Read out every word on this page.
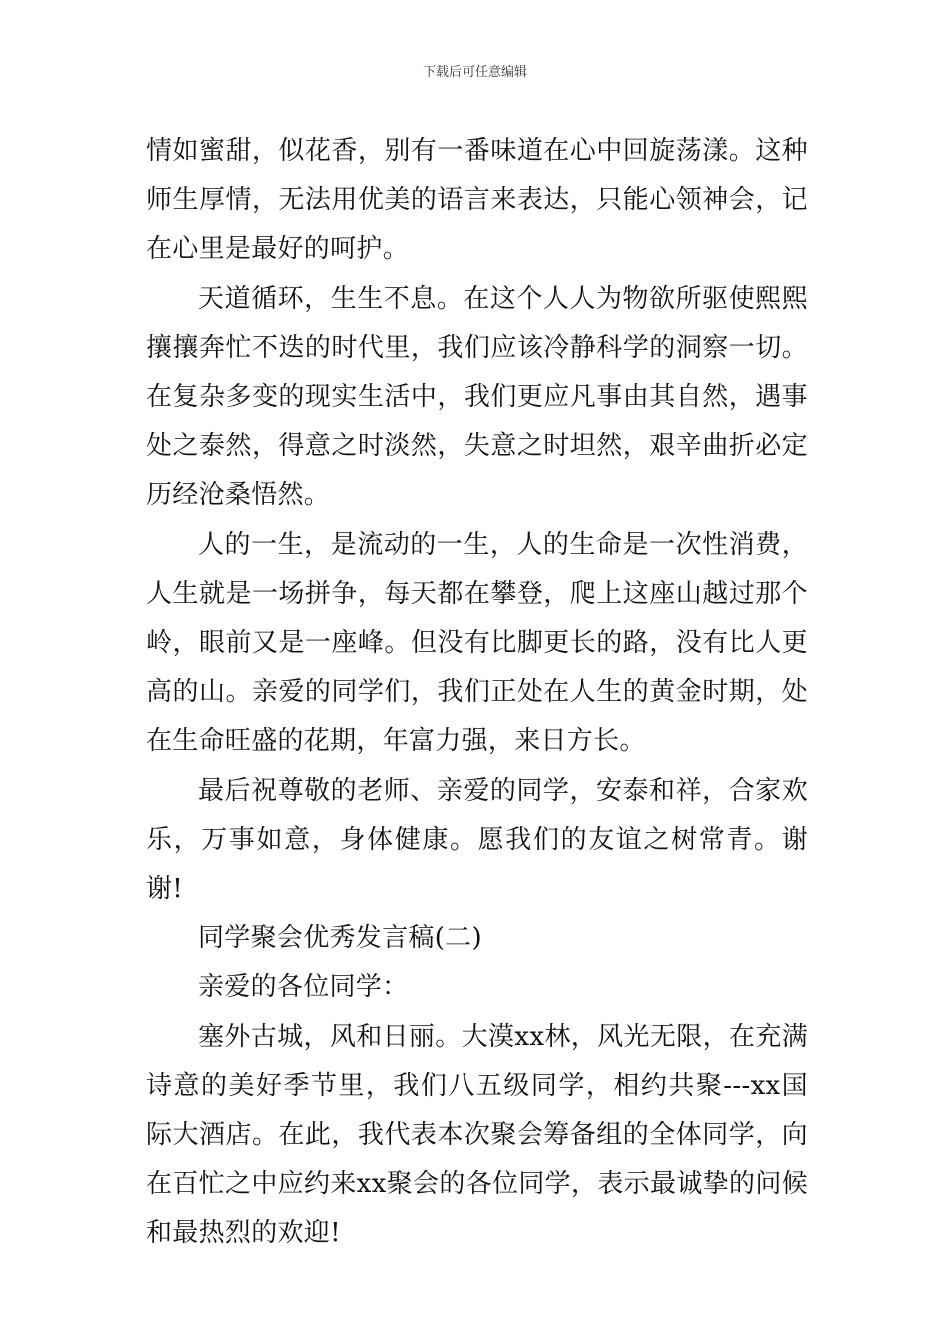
下载后可任意编辑

情如蜜甜，似花香，别有一番味道在心中回旋荡漾。这种师生厚情，无法用优美的语言来表达，只能心领神会，记在心里是最好的呵护。

天道循环，生生不息。在这个人人为物欲所驱使熙熙攘攘奔忙不迭的时代里，我们应该冷静科学的洞察一切。在复杂多变的现实生活中，我们更应凡事由其自然，遇事处之泰然，得意之时淡然，失意之时坦然，艰辛曲折必定历经沧桑悟然。

人的一生，是流动的一生，人的生命是一次性消费，人生就是一场拼争，每天都在攀登，爬上这座山越过那个岭，眼前又是一座峰。但没有比脚更长的路，没有比人更高的山。亲爱的同学们，我们正处在人生的黄金时期，处在生命旺盛的花期，年富力强，来日方长。

最后祝尊敬的老师、亲爱的同学，安泰和祥，合家欢乐，万事如意，身体健康。愿我们的友谊之树常青。谢谢!

同学聚会优秀发言稿(二)

亲爱的各位同学：

塞外古城，风和日丽。大漠xx林，风光无限，在充满诗意的美好季节里，我们八五级同学，相约共聚---xx国际大酒店。在此，我代表本次聚会筹备组的全体同学，向在百忙之中应约来xx聚会的各位同学，表示最诚挚的问候和最热烈的欢迎!
